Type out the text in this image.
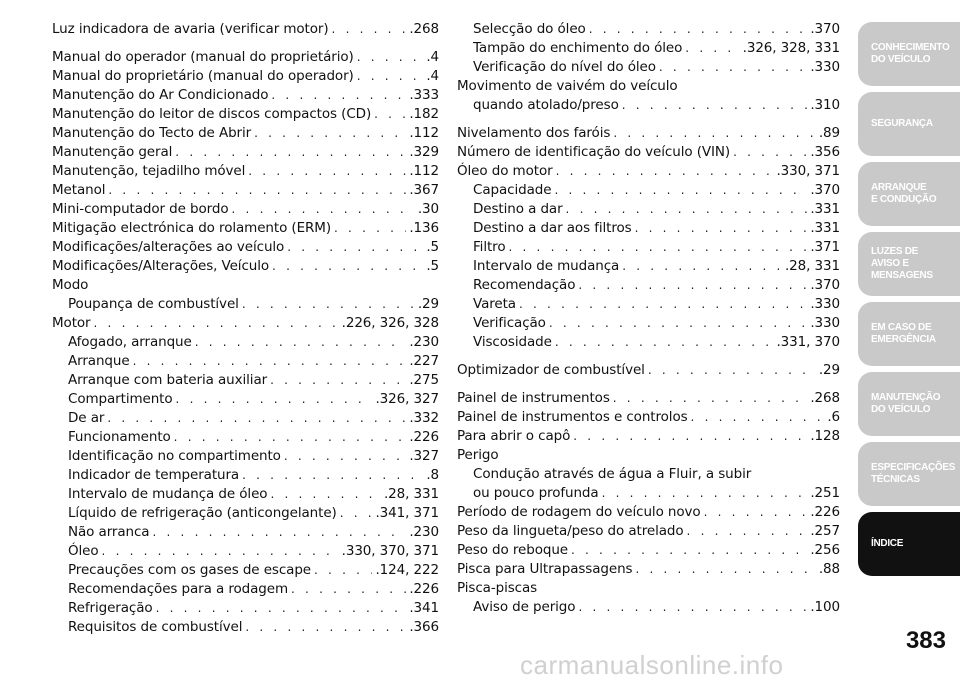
Luz indicadora de avaria (verificar motor) . . .	.268
Manual do operador (manual do proprietário) . . .	.4
Manual do proprietário (manual do operador) . . .	.4
Manutenção do Ar Condicionado . . .	.333
Manutenção do leitor de discos compactos (CD) . . .	.182
Manutenção do Tecto de Abrir . . .	.112
Manutenção geral . . .	.329
Manutenção, tejadilho móvel . . .	.112
Metanol . . .	.367
Mini-computador de bordo . . .	.30
Mitigação electrónica do rolamento (ERM) . . .	.136
Modificações/alterações ao veículo . . .	.5
Modificações/Alterações, Veículo . . .	.5
Modo
Poupança de combustível . . .	.29
Motor . . .	.226, 326, 328
Afogado, arranque . . .	.230
Arranque . . .	.227
Arranque com bateria auxiliar . . .	.275
Compartimento . . .	.326, 327
De ar . . .	.332
Funcionamento . . .	.226
Identificação no compartimento . . .	.327
Indicador de temperatura . . .	.8
Intervalo de mudança de óleo . . .	.28, 331
Líquido de refrigeração (anticongelante) . . .	.341, 371
Não arranca . . .	.230
Óleo . . .	.330, 370, 371
Precauções com os gases de escape . . .	.124, 222
Recomendações para a rodagem . . .	.226
Refrigeração . . .	.341
Requisitos de combustível . . .	.366
Selecção do óleo . . .	.370
Tampão do enchimento do óleo . . .	.326, 328, 331
Verificação do nível do óleo . . .	.330
Movimento de vaivém do veículo
quando atolado/preso . . .	.310
Nivelamento dos faróis . . .	.89
Número de identificação do veículo (VIN) . . .	.356
Óleo do motor . . .	.330, 371
Capacidade . . .	.370
Destino a dar . . .	.331
Destino a dar aos filtros . . .	.331
Filtro . . .	.371
Intervalo de mudança . . .	.28, 331
Recomendação . . .	.370
Vareta . . .	.330
Verificação . . .	.330
Viscosidade . . .	.331, 370
Optimizador de combustível . . .	.29
Painel de instrumentos . . .	.268
Painel de instrumentos e controlos . . .	.6
Para abrir o capô . . .	.128
Perigo
Condução através de água a Fluir, a subir
ou pouco profunda . . .	.251
Período de rodagem do veículo novo . . .	.226
Peso da lingueta/peso do atrelado . . .	.257
Peso do reboque . . .	.256
Pisca para Ultrapassagens . . .	.88
Pisca-piscas
Aviso de perigo . . .	.100
CONHECIMENTO
DO VEÍCULO
SEGURANÇA
ARRANQUE
E CONDUÇÃO
LUZES DE
AVISO E
MENSAGENS
EM CASO DE
EMERGÊNCIA
MANUTENÇÃO
DO VEÍCULO
ESPECIFICAÇÕES
TÉCNICAS
ÍNDICE
383
carmanualsonline.info
